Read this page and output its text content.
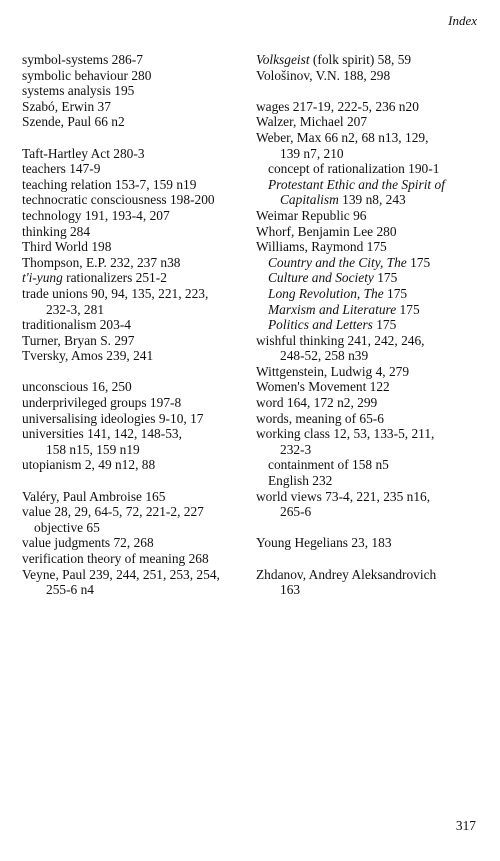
Index
symbol-systems 286-7
symbolic behaviour 280
systems analysis 195
Szabó, Erwin 37
Szende, Paul 66 n2
Taft-Hartley Act 280-3
teachers 147-9
teaching relation 153-7, 159 n19
technocratic consciousness 198-200
technology 191, 193-4, 207
thinking 284
Third World 198
Thompson, E.P. 232, 237 n38
t'i-yung rationalizers 251-2
trade unions 90, 94, 135, 221, 223,
232-3, 281
traditionalism 203-4
Turner, Bryan S. 297
Tversky, Amos 239, 241
unconscious 16, 250
underprivileged groups 197-8
universalising ideologies 9-10, 17
universities 141, 142, 148-53,
158 n15, 159 n19
utopianism 2, 49 n12, 88
Valéry, Paul Ambroise 165
value 28, 29, 64-5, 72, 221-2, 227
objective 65
value judgments 72, 268
verification theory of meaning 268
Veyne, Paul 239, 244, 251, 253, 254,
255-6 n4
Volksgeist (folk spirit) 58, 59
Vološinov, V.N. 188, 298
wages 217-19, 222-5, 236 n20
Walzer, Michael 207
Weber, Max 66 n2, 68 n13, 129,
139 n7, 210
concept of rationalization 190-1
Protestant Ethic and the Spirit of
Capitalism 139 n8, 243
Weimar Republic 96
Whorf, Benjamin Lee 280
Williams, Raymond 175
Country and the City, The 175
Culture and Society 175
Long Revolution, The 175
Marxism and Literature 175
Politics and Letters 175
wishful thinking 241, 242, 246,
248-52, 258 n39
Wittgenstein, Ludwig 4, 279
Women's Movement 122
word 164, 172 n2, 299
words, meaning of 65-6
working class 12, 53, 133-5, 211,
232-3
containment of 158 n5
English 232
world views 73-4, 221, 235 n16,
265-6
Young Hegelians 23, 183
Zhdanov, Andrey Aleksandrovich
163
317
